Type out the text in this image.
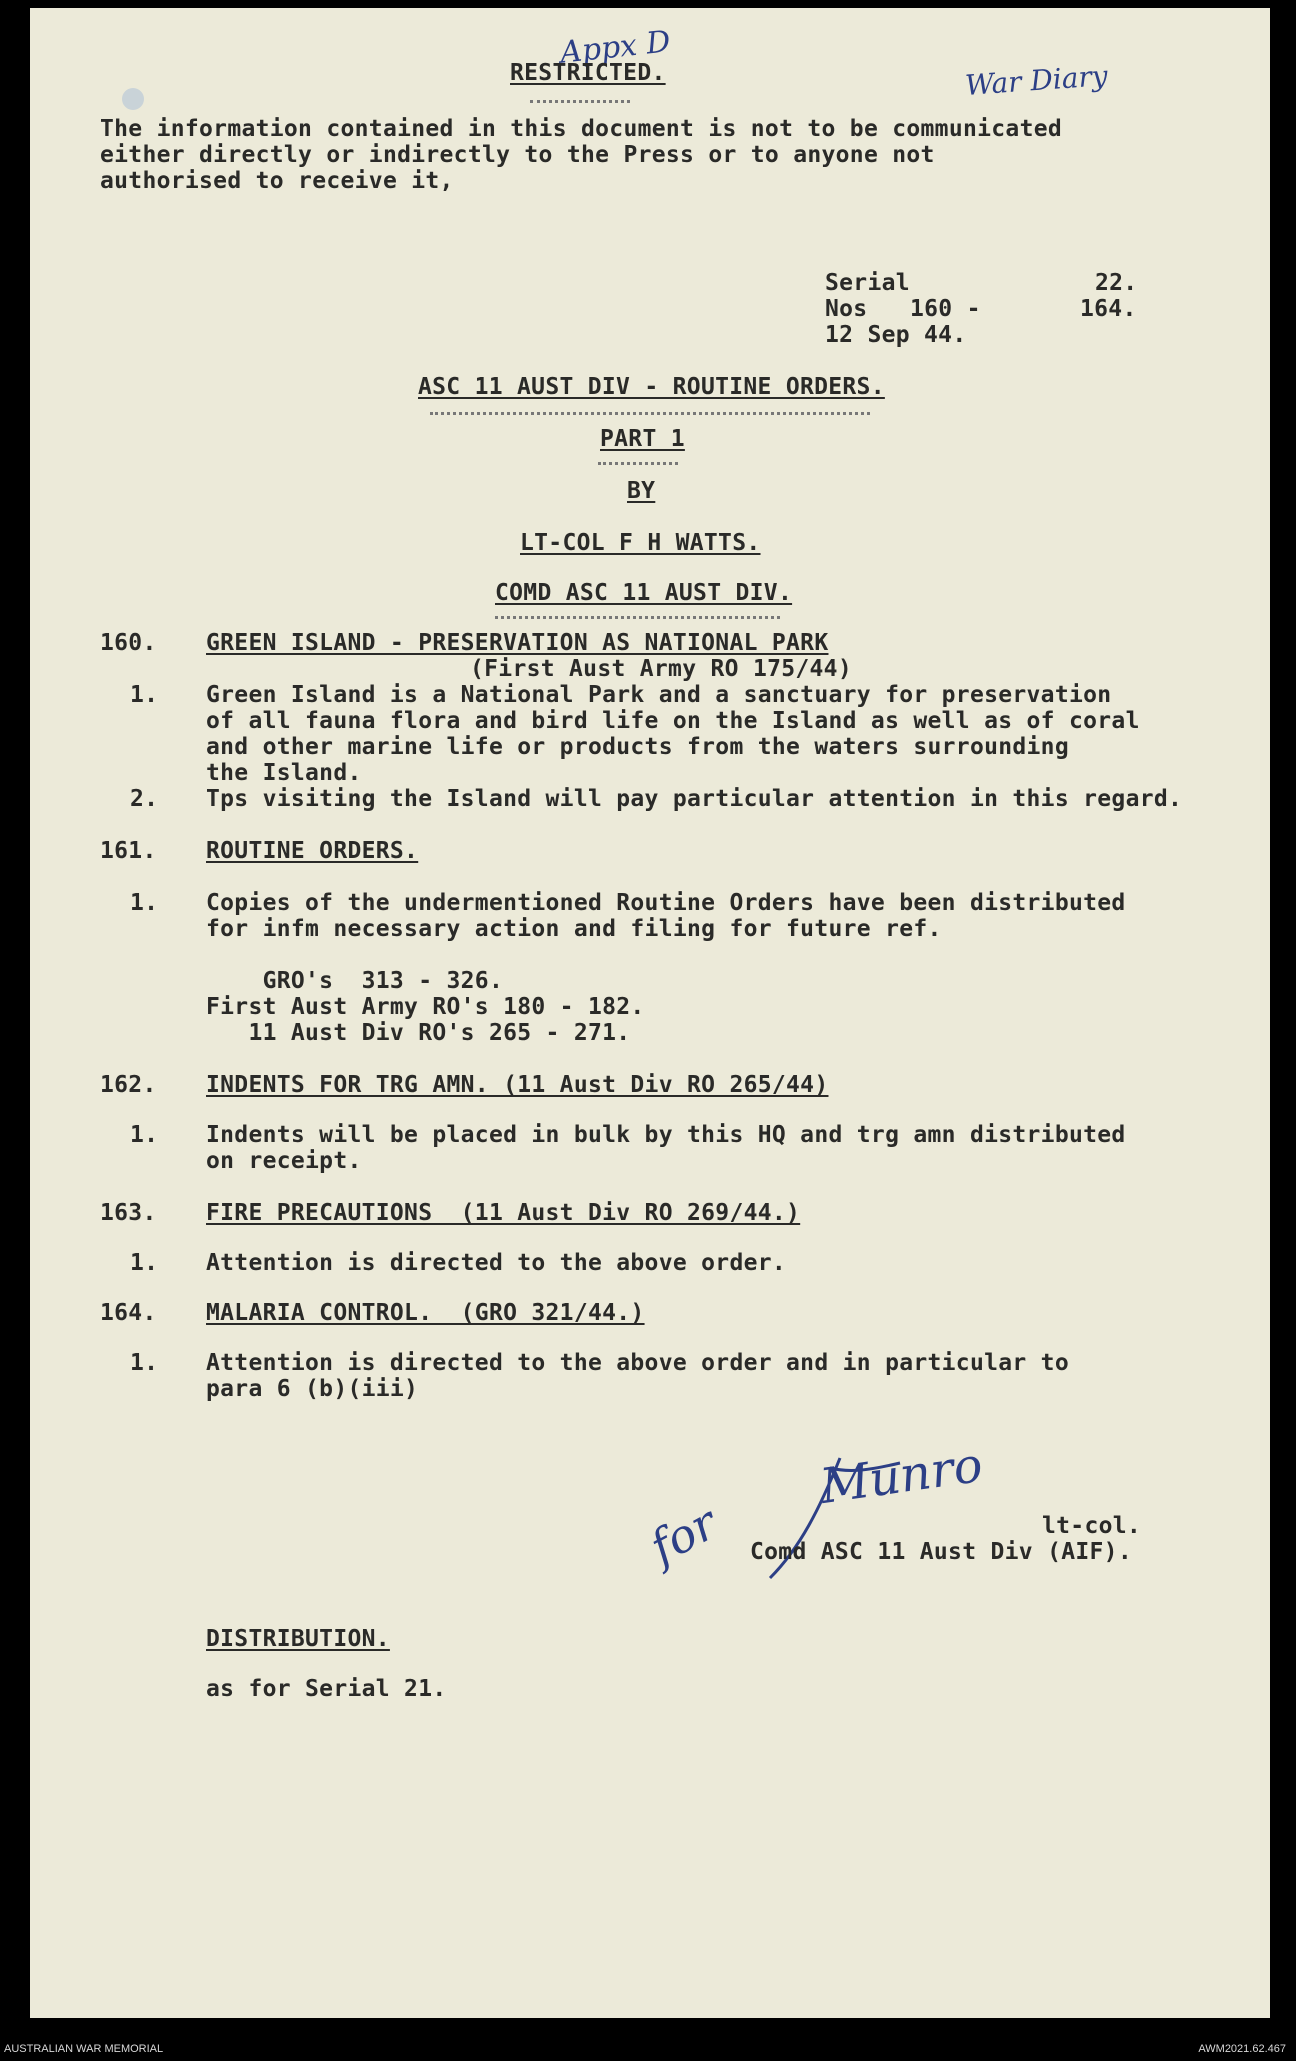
Appx D
War Diary
RESTRICTED.
The information contained in this document is not to be communicated
either directly or indirectly to the Press or to anyone not
authorised to receive it,
Serial	22.
Nos 160 -	164.
12 Sep 44.
ASC 11 AUST DIV - ROUTINE ORDERS.
PART 1
BY
LT-COL F H WATTS.
COMD ASC 11 AUST DIV.
160. GREEN ISLAND - PRESERVATION AS NATIONAL PARK
(First Aust Army RO 175/44)
1. Green Island is a National Park and a sanctuary for preservation
of all fauna flora and bird life on the Island as well as of coral
and other marine life or products from the waters surrounding
the Island.
2. Tps visiting the Island will pay particular attention in this regard.
161. ROUTINE ORDERS.
1. Copies of the undermentioned Routine Orders have been distributed
for infm necessary action and filing for future ref.
GRO's  313 - 326.
First Aust Army RO's 180 - 182.
11 Aust Div RO's 265 - 271.
162. INDENTS FOR TRG AMN. (11 Aust Div RO 265/44)
1. Indents will be placed in bulk by this HQ and trg amn distributed
on receipt.
163. FIRE PRECAUTIONS  (11 Aust Div RO 269/44.)
1. Attention is directed to the above order.
164. MALARIA CONTROL.  (GRO 321/44.)
1. Attention is directed to the above order and in particular to
para 6 (b)(iii)
for
Munro
lt-col.
Comd ASC 11 Aust Div (AIF).
DISTRIBUTION.
as for Serial 21.
AUSTRALIAN WAR MEMORIAL	AWM2021.62.467
